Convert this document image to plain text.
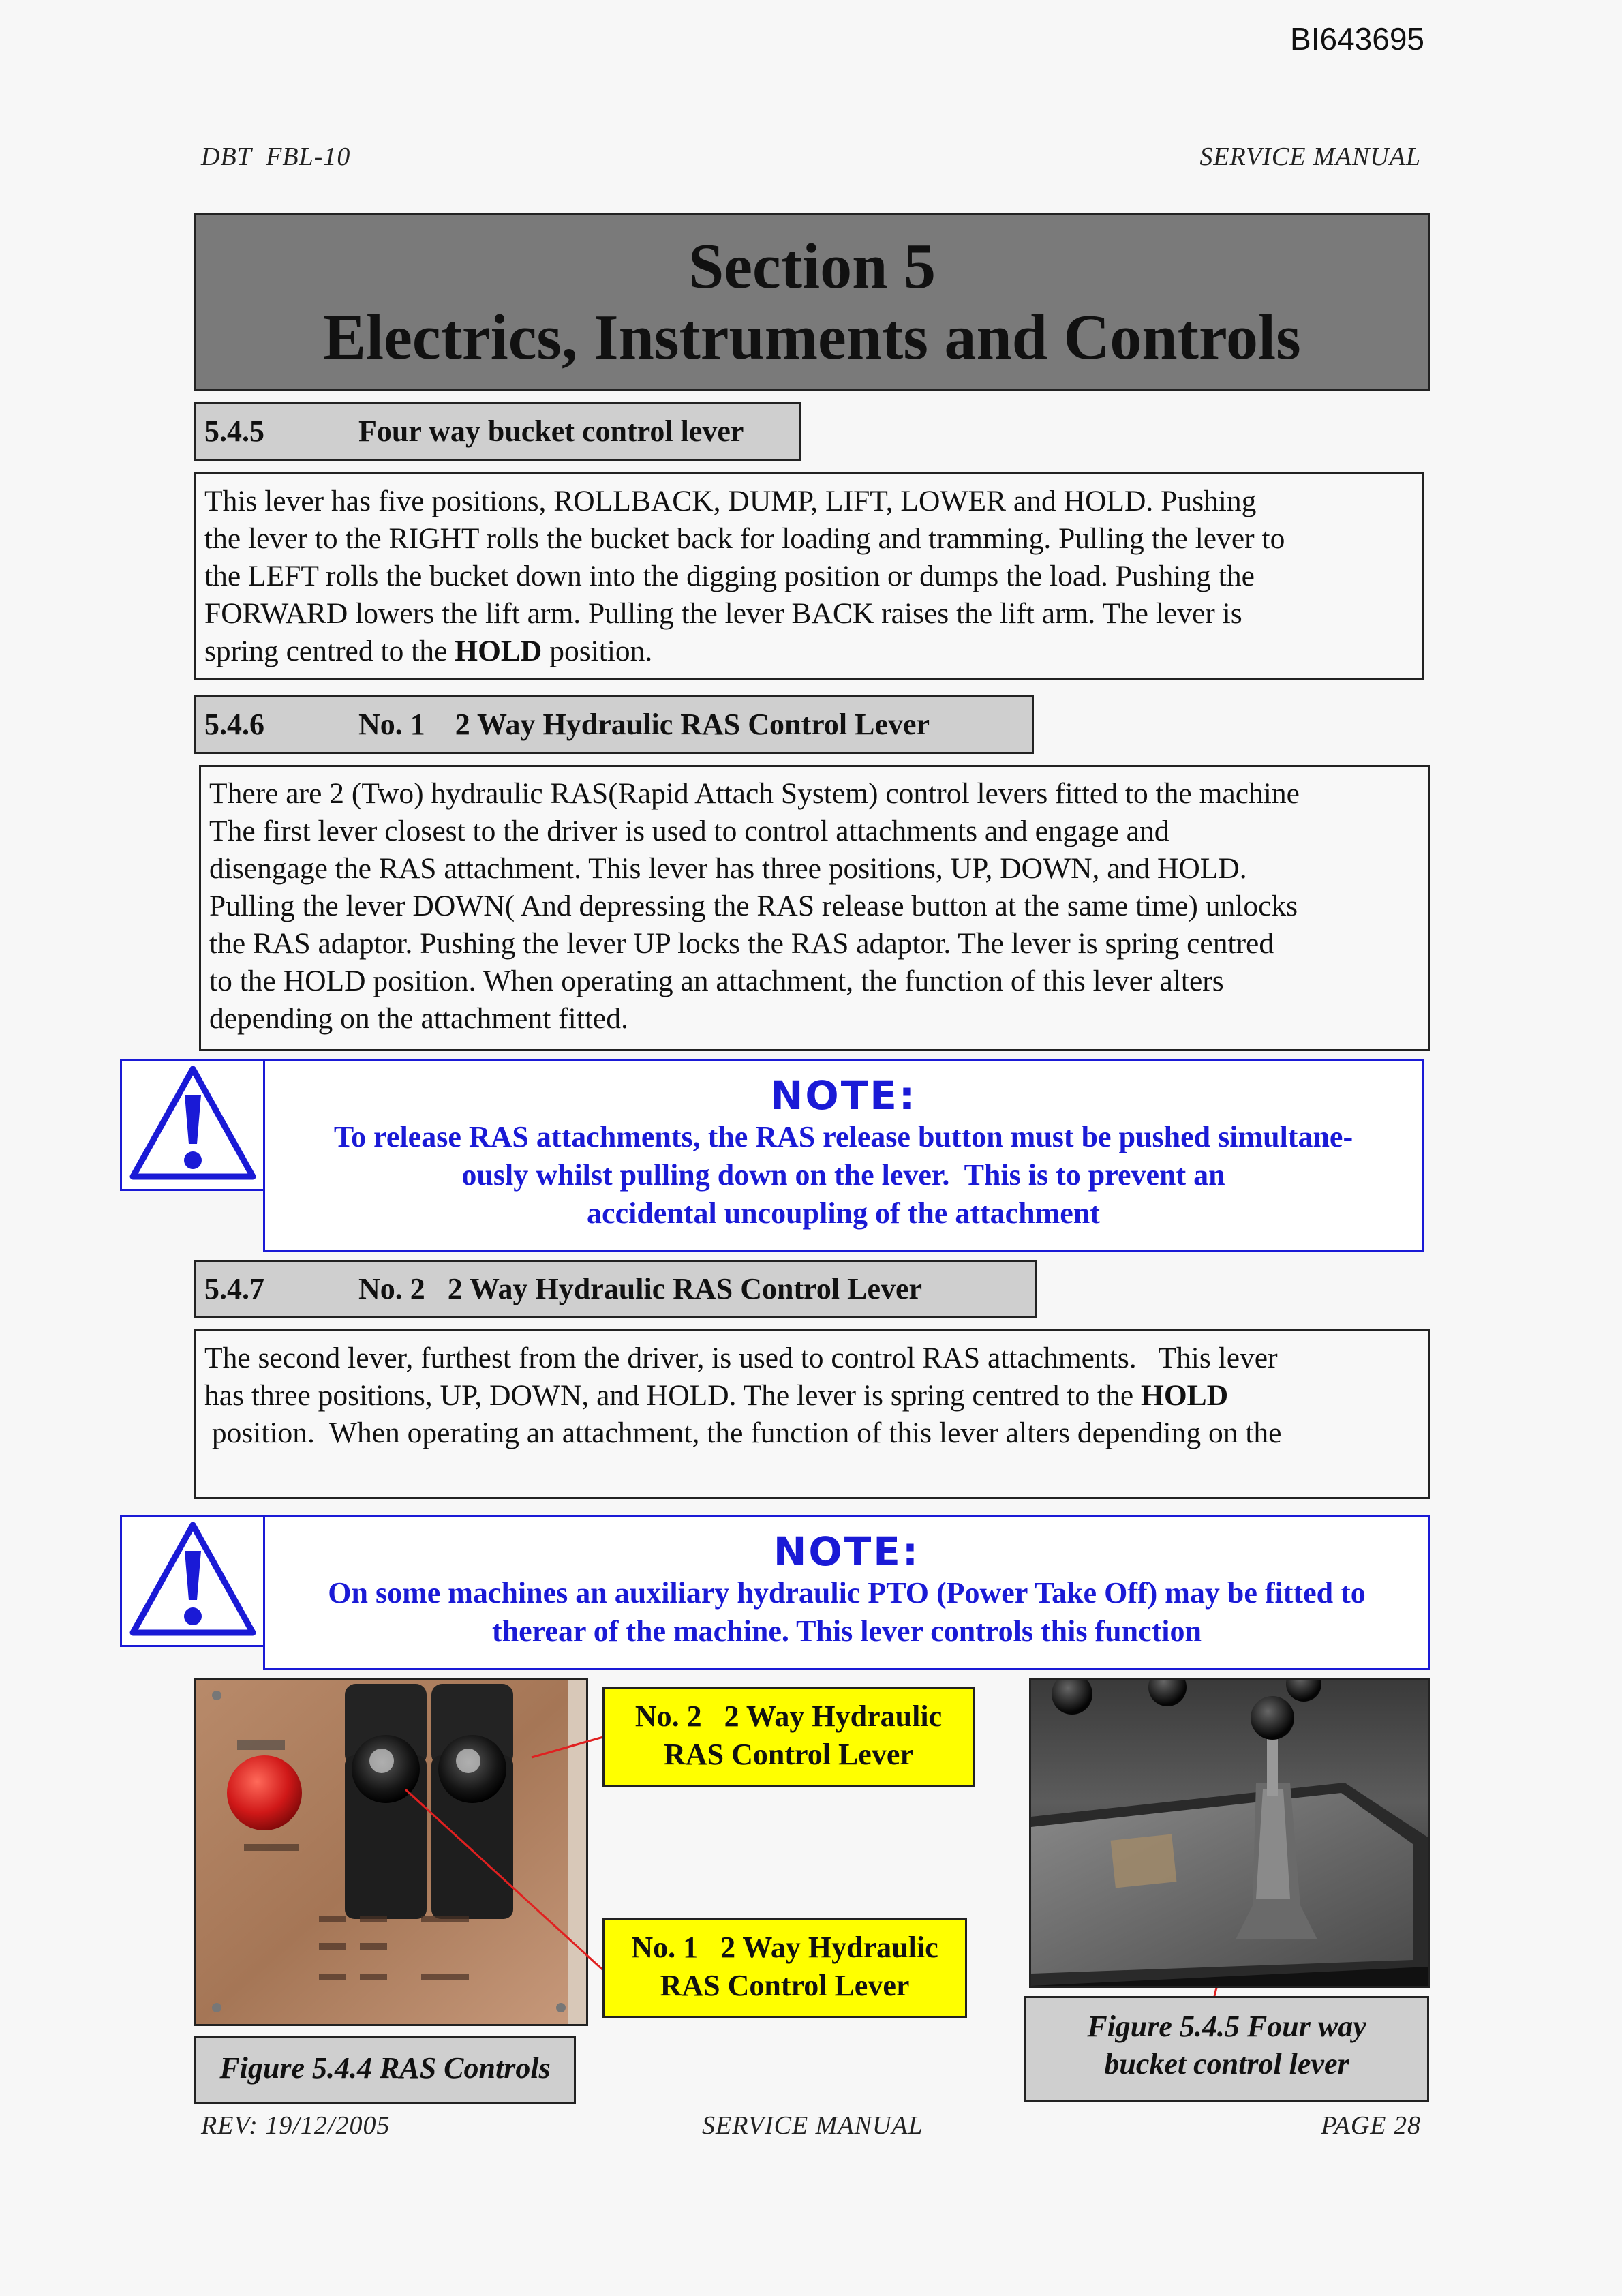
BI643695
DBT  FBL-10	SERVICE MANUAL
Section 5
Electrics, Instruments and Controls
5.4.5	Four way bucket control lever
This lever has five positions, ROLLBACK, DUMP, LIFT, LOWER and HOLD. Pushing
the lever to the RIGHT rolls the bucket back for loading and tramming. Pulling the lever to
the LEFT rolls the bucket down into the digging position or dumps the load. Pushing the
FORWARD lowers the lift arm. Pulling the lever BACK raises the lift arm. The lever is
spring centred to the HOLD position.
5.4.6	No. 1    2 Way Hydraulic RAS Control Lever
There are 2 (Two) hydraulic RAS(Rapid Attach System) control levers fitted to the machine
The first lever closest to the driver is used to control attachments and engage and
disengage the RAS attachment. This lever has three positions, UP, DOWN, and HOLD.
Pulling the lever DOWN( And depressing the RAS release button at the same time) unlocks
the RAS adaptor. Pushing the lever UP locks the RAS adaptor. The lever is spring centred
to the HOLD position. When operating an attachment, the function of this lever alters
depending on the attachment fitted.
NOTE:
To release RAS attachments, the RAS release button must be pushed simultane-
ously whilst pulling down on the lever.  This is to prevent an
accidental uncoupling of the attachment
5.4.7	No. 2   2 Way Hydraulic RAS Control Lever
The second lever, furthest from the driver, is used to control RAS attachments.   This lever
has three positions, UP, DOWN, and HOLD. The lever is spring centred to the HOLD
position.  When operating an attachment, the function of this lever alters depending on the
NOTE:
On some machines an auxiliary hydraulic PTO (Power Take Off) may be fitted to
therear of the machine. This lever controls this function
No. 2   2 Way Hydraulic
RAS Control Lever
No. 1   2 Way Hydraulic
RAS Control Lever
Figure 5.4.4 RAS Controls
Figure 5.4.5 Four way
bucket control lever
REV: 19/12/2005	SERVICE MANUAL	PAGE 28
